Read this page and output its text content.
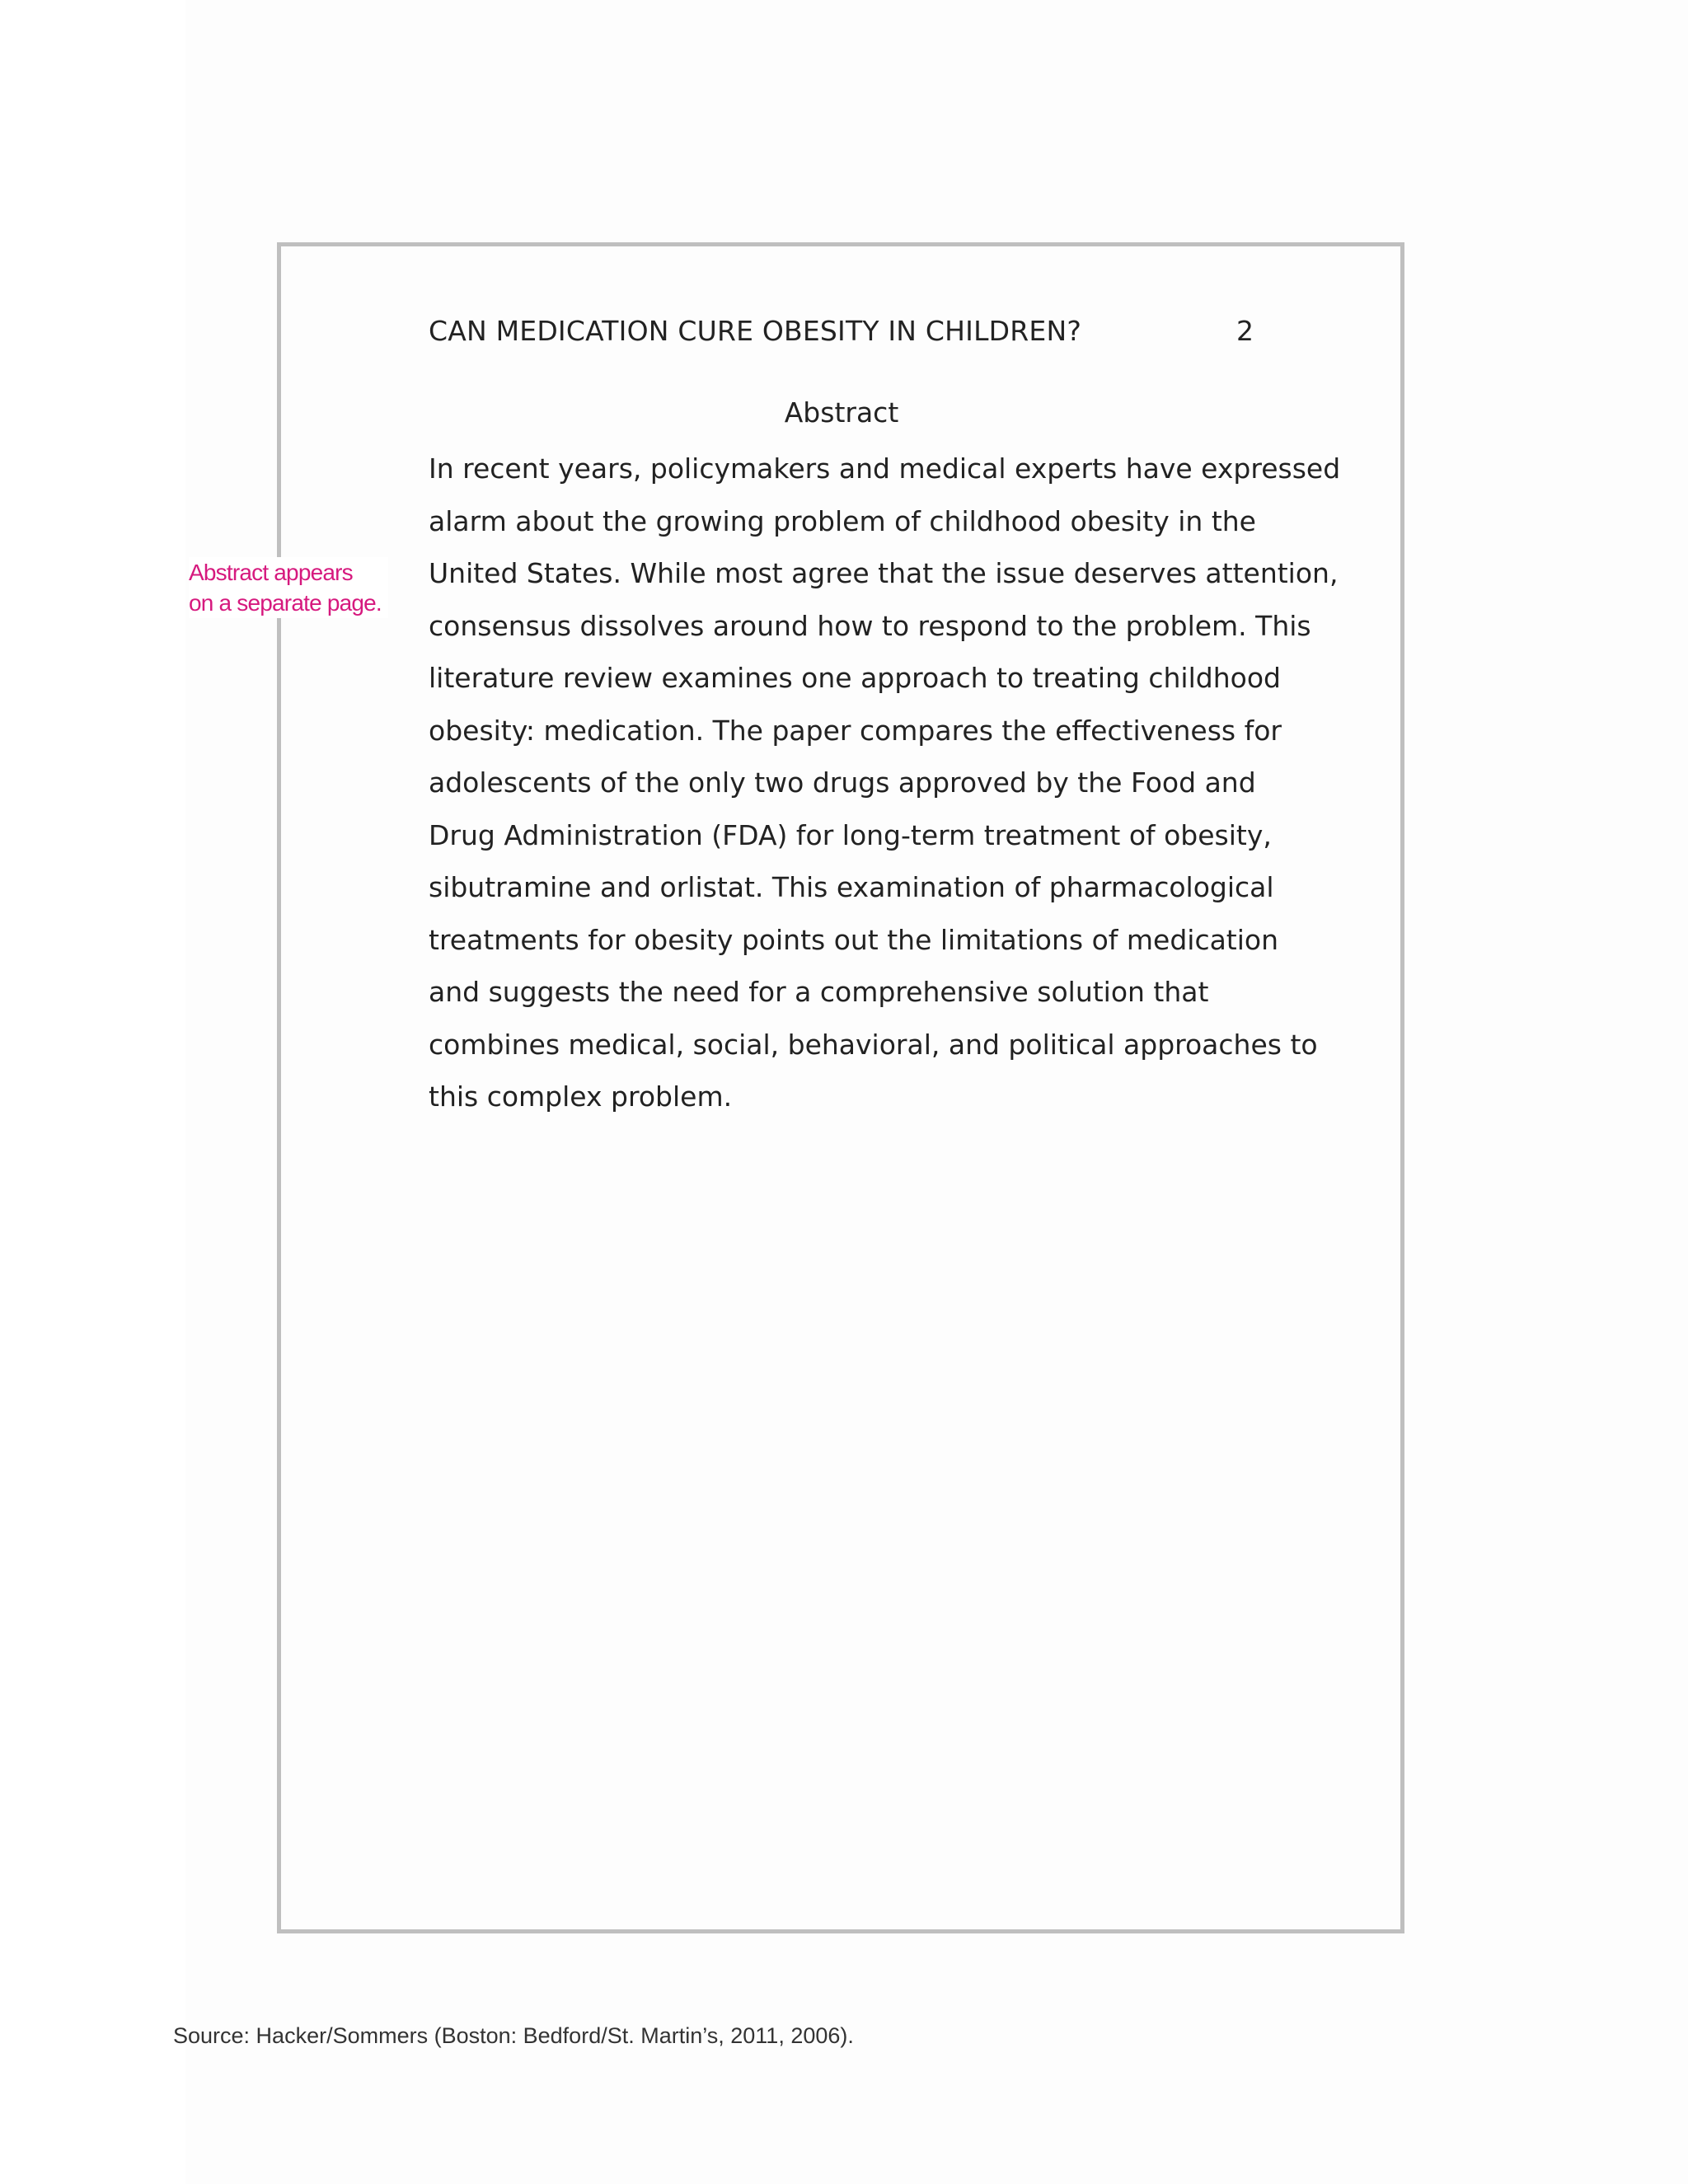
CAN MEDICATION CURE OBESITY IN CHILDREN?	2
Abstract
In recent years, policymakers and medical experts have expressed
alarm about the growing problem of childhood obesity in the
United States. While most agree that the issue deserves attention,
consensus dissolves around how to respond to the problem. This
literature review examines one approach to treating childhood
obesity: medication. The paper compares the effectiveness for
adolescents of the only two drugs approved by the Food and
Drug Administration (FDA) for long-term treatment of obesity,
sibutramine and orlistat. This examination of pharmacological
treatments for obesity points out the limitations of medication
and suggests the need for a comprehensive solution that
combines medical, social, behavioral, and political approaches to
this complex problem.
Abstract appears
on a separate page.
Source: Hacker/Sommers (Boston: Bedford/St. Martin’s, 2011, 2006).
